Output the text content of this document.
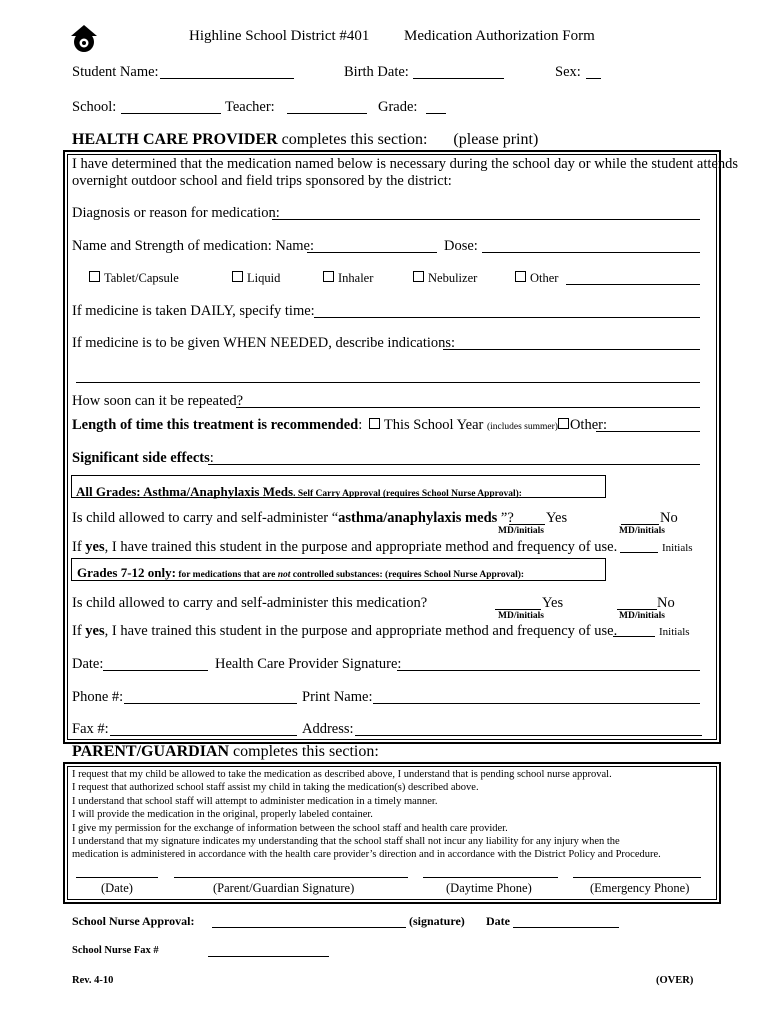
Highline School District #401 Medication Authorization Form
Student Name:	Birth Date:	Sex:
School:	Teacher:	Grade:
HEALTH CARE PROVIDER completes this section: (please print)
I have determined that the medication named below is necessary during the school day or while the student attends
overnight outdoor school and field trips sponsored by the district:
Diagnosis or reason for medication:
Name and Strength of medication: Name:	Dose:
Tablet/Capsule	Liquid	Inhaler	Nebulizer	Other
If medicine is taken DAILY, specify time:
If medicine is to be given WHEN NEEDED, describe indications:
How soon can it be repeated?
Length of time this treatment is recommended: This School Year (includes summer) Other:
Significant side effects:
All Grades: Asthma/Anaphylaxis Meds. Self Carry Approval (requires School Nurse Approval):
Is child allowed to carry and self-administer “asthma/anaphylaxis meds ”? Yes
MD/initials
No
MD/initials
If yes, I have trained this student in the purpose and appropriate method and frequency of use.	Initials
Grades 7-12 only: for medications that are not controlled substances: (requires School Nurse Approval):
Is child allowed to carry and self-administer this medication?	Yes
MD/initials
No
MD/initials
If yes, I have trained this student in the purpose and appropriate method and frequency of use.	Initials
Date:	Health Care Provider Signature:
Phone #:	Print Name:
Fax #:	Address:
PARENT/GUARDIAN completes this section:
I request that my child be allowed to take the medication as described above, I understand that is pending school nurse approval.
I request that authorized school staff assist my child in taking the medication(s) described above.
I understand that school staff will attempt to administer medication in a timely manner.
I will provide the medication in the original, properly labeled container.
I give my permission for the exchange of information between the school staff and health care provider.
I understand that my signature indicates my understanding that the school staff shall not incur any liability for any injury when the
medication is administered in accordance with the health care provider’s direction and in accordance with the District Policy and Procedure.
(Date)	(Parent/Guardian Signature)	(Daytime Phone)	(Emergency Phone)
School Nurse Approval:	(signature) Date
School Nurse Fax #
Rev. 4-10	(OVER)
